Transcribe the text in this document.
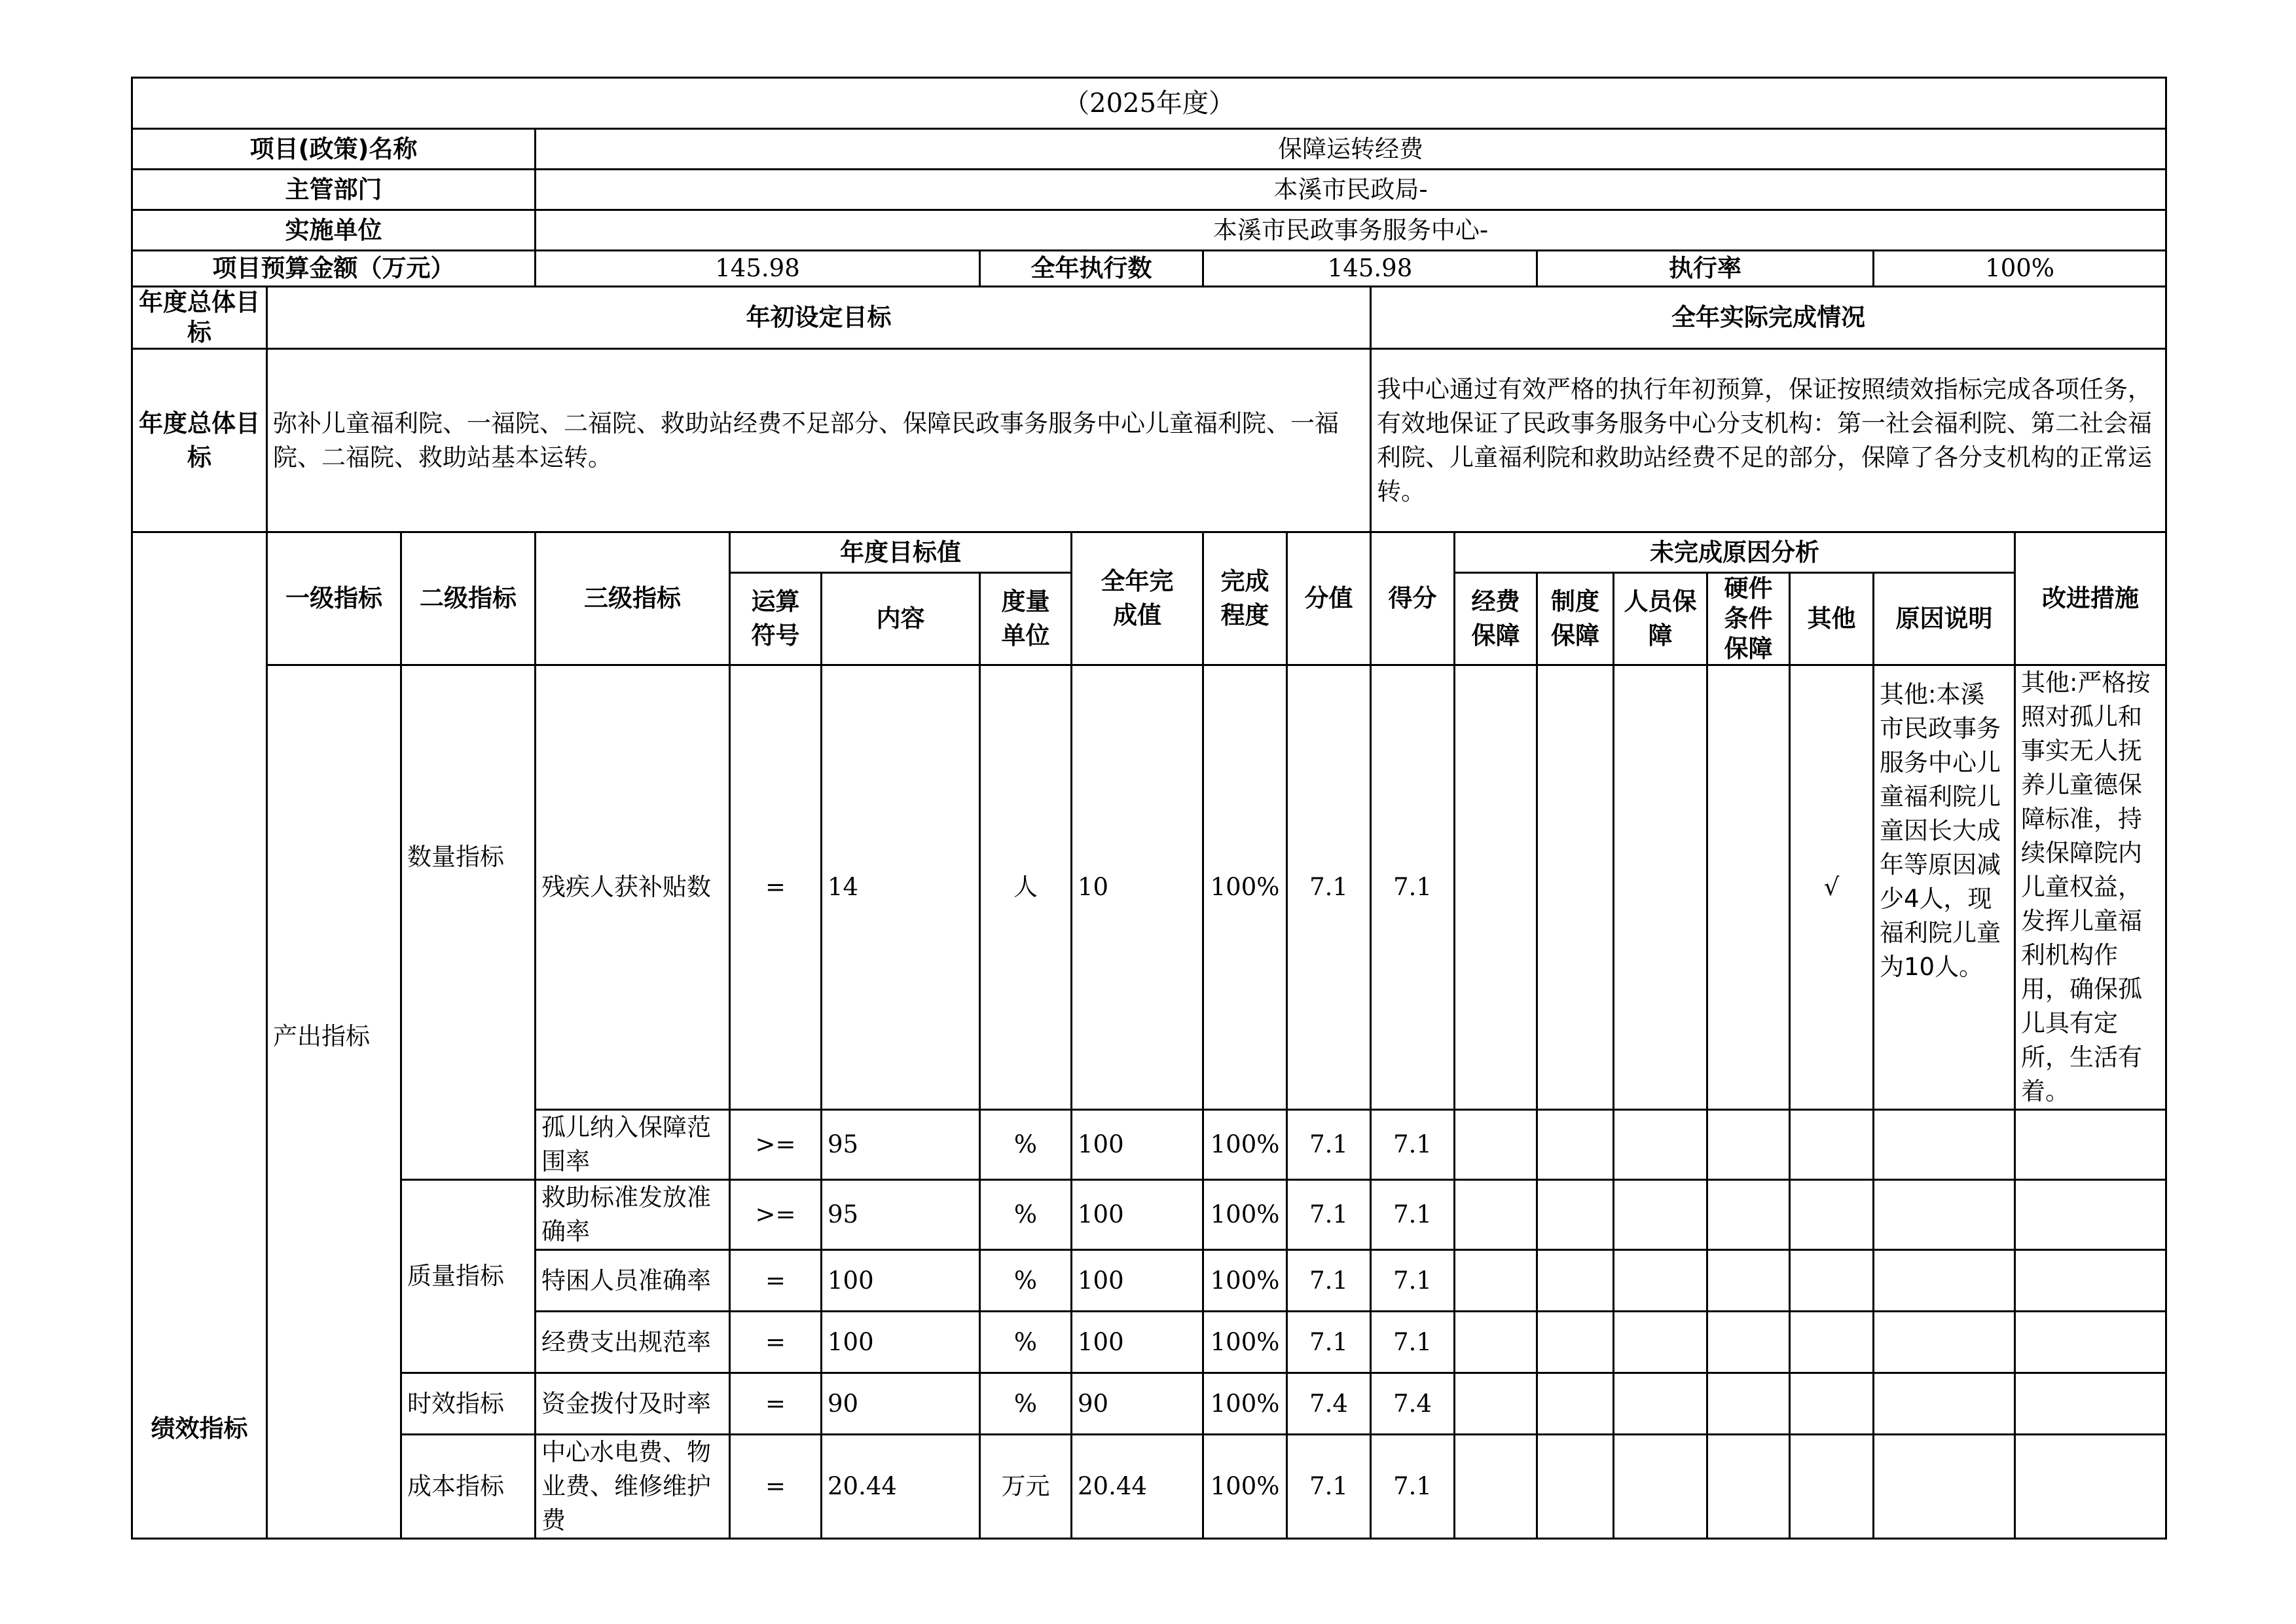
（2025年度）																	
项目(政策)名称			保障运转经费														
主管部门			本溪市民政局-														
实施单位			本溪市民政事务服务中心-														
项目预算金额（万元）			145.98			全年执行数		145.98				执行率				100%	
年度总体目标	年初设定目标									全年实际完成情况							
年度总体目标	弥补儿童福利院、一福院、二福院、救助站经费不足部分、保障民政事务服务中心儿童福利院、一福院、二福院、救助站基本运转。									我中心通过有效严格的执行年初预算，保证按照绩效指标完成各项任务，有效地保证了民政事务服务中心分支机构：第一社会福利院、第二社会福利院、儿童福利院和救助站经费不足的部分，保障了各分支机构的正常运转。							
绩效指标	一级指标	二级指标	三级指标	年度目标值			全年完成值	完成程度	分值	得分	未完成原因分析						改进措施
				运算符号	内容	度量单位					经费保障	制度保障	人员保障	硬件条件保障	其他	原因说明	
	产出指标	数量指标	残疾人获补贴数	=	14	人	10	100%	7.1	7.1					√	其他:本溪市民政事务服务中心儿童福利院儿童因长大成年等原因减少4人，现福利院儿童为10人。	其他:严格按照对孤儿和事实无人抚养儿童德保障标准，持续保障院内儿童权益，发挥儿童福利机构作用，确保孤儿具有定所，生活有着。
			孤儿纳入保障范围率	>=	95	%	100	100%	7.1	7.1							
		质量指标	救助标准发放准确率	>=	95	%	100	100%	7.1	7.1							
			特困人员准确率	=	100	%	100	100%	7.1	7.1							
			经费支出规范率	=	100	%	100	100%	7.1	7.1							
		时效指标	资金拨付及时率	=	90	%	90	100%	7.4	7.4							
		成本指标	中心水电费、物业费、维修维护费	=	20.44	万元	20.44	100%	7.1	7.1							
